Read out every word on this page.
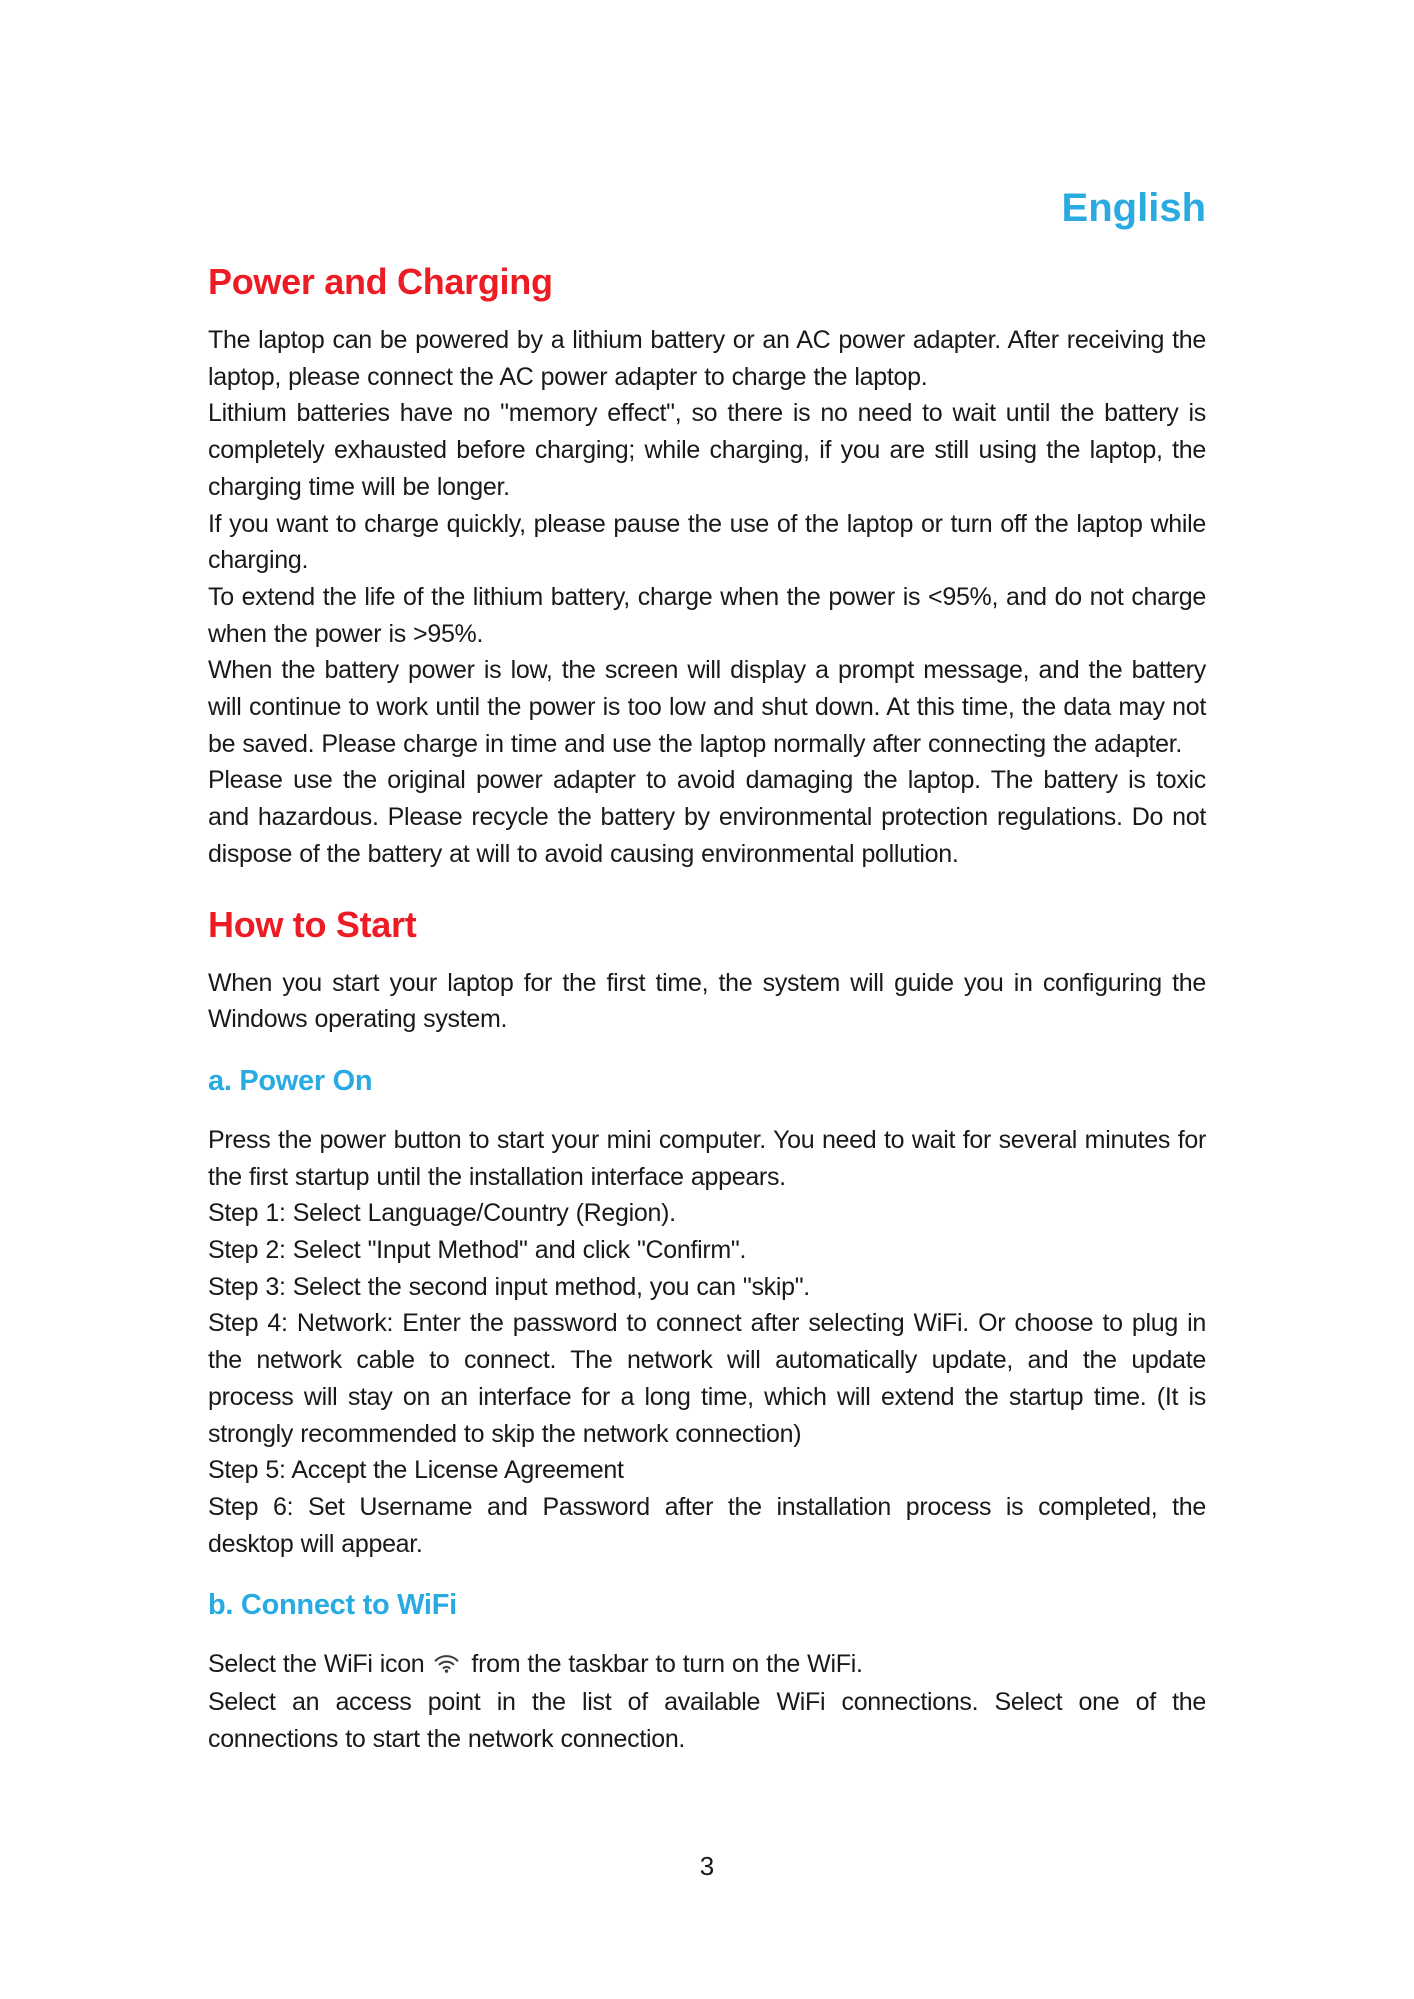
English
Power and Charging

The laptop can be powered by a lithium battery or an AC power adapter. After receiving the laptop, please connect the AC power adapter to charge the laptop.

Lithium batteries have no "memory effect", so there is no need to wait until the battery is completely exhausted before charging; while charging, if you are still using the laptop, the charging time will be longer.

If you want to charge quickly, please pause the use of the laptop or turn off the laptop while charging.

To extend the life of the lithium battery, charge when the power is <95%, and do not charge when the power is >95%.

When the battery power is low, the screen will display a prompt message, and the battery will continue to work until the power is too low and shut down. At this time, the data may not be saved. Please charge in time and use the laptop normally after connecting the adapter.

Please use the original power adapter to avoid damaging the laptop. The battery is toxic and hazardous. Please recycle the battery by environmental protection regulations. Do not dispose of the battery at will to avoid causing environmental pollution.

How to Start

When you start your laptop for the first time, the system will guide you in configuring the Windows operating system.

a. Power On

Press the power button to start your mini computer. You need to wait for several minutes for the first startup until the installation interface appears.

Step 1: Select Language/Country (Region).

Step 2: Select "Input Method" and click "Confirm".

Step 3: Select the second input method, you can "skip".

Step 4: Network: Enter the password to connect after selecting WiFi. Or choose to plug in the network cable to connect. The network will automatically update, and the update process will stay on an interface for a long time, which will extend the startup time. (It is strongly recommended to skip the network connection)

Step 5: Accept the License Agreement

Step 6: Set Username and Password after the installation process is completed, the desktop will appear.

b. Connect to WiFi

Select the WiFi icon from the taskbar to turn on the WiFi.

Select an access point in the list of available WiFi connections. Select one of the connections to start the network connection.

3
